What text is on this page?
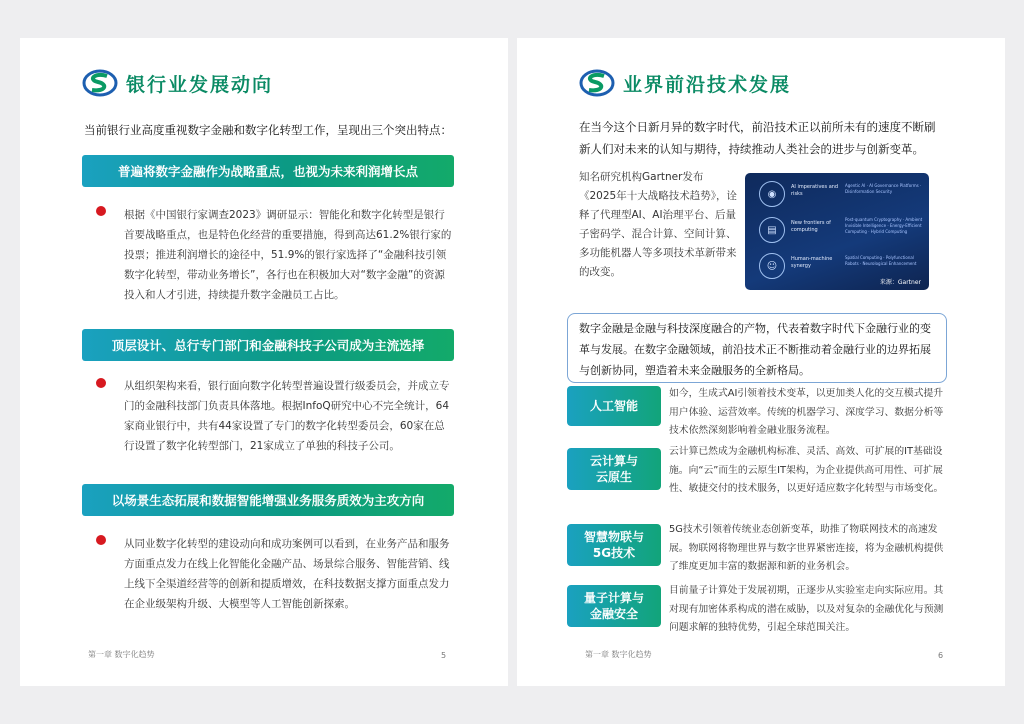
银行业发展动向
当前银行业高度重视数字金融和数字化转型工作，呈现出三个突出特点：
普遍将数字金融作为战略重点，也视为未来利润增长点
根据《中国银行家调查2023》调研显示：智能化和数字化转型是银行首要战略重点，也是特色化经营的重要措施，得到高达61.2%银行家的投票；推进利润增长的途径中，51.9%的银行家选择了“金融科技引领数字化转型，带动业务增长”，各行也在积极加大对“数字金融”的资源投入和人才引进，持续提升数字金融员工占比。
顶层设计、总行专门部门和金融科技子公司成为主流选择
从组织架构来看，银行面向数字化转型普遍设置行级委员会，并成立专门的金融科技部门负责具体落地。根据InfoQ研究中心不完全统计，64家商业银行中，共有44家设置了专门的数字化转型委员会，60家在总行设置了数字化转型部门，21家成立了单独的科技子公司。
以场景生态拓展和数据智能增强业务服务质效为主攻方向
从同业数字化转型的建设动向和成功案例可以看到，在业务产品和服务方面重点发力在线上化智能化金融产品、场景综合服务、智能营销、线上线下全渠道经营等的创新和提质增效，在科技数据支撑方面重点发力在企业级架构升级、大模型等人工智能创新探索。
第一章 数字化趋势	5
业界前沿技术发展
在当今这个日新月异的数字时代，前沿技术正以前所未有的速度不断刷新人们对未来的认知与期待，持续推动人类社会的进步与创新变革。
知名研究机构Gartner发布《2025年十大战略技术趋势》，诠释了代理型AI、AI治理平台、后量子密码学、混合计算、空间计算、多功能机器人等多项技术革新带来的改变。
◉
AI imperatives and risks
Agentic AI · AI Governance Platforms · Disinformation Security
▤
New frontiers of computing
Post-quantum Cryptography · Ambient Invisible Intelligence · Energy-Efficient Computing · Hybrid Computing
☺
Human-machine synergy
Spatial Computing · Polyfunctional Robots · Neurological Enhancement
来源：Gartner
数字金融是金融与科技深度融合的产物，代表着数字时代下金融行业的变革与发展。在数字金融领域，前沿技术正不断推动着金融行业的边界拓展与创新协同，塑造着未来金融服务的全新格局。
人工智能
如今，生成式AI引领着技术变革，以更加类人化的交互模式提升用户体验、运营效率。传统的机器学习、深度学习、数据分析等技术依然深刻影响着金融业服务流程。
云计算与
云原生
云计算已然成为金融机构标准、灵活、高效、可扩展的IT基础设施。向“云”而生的云原生IT架构，为企业提供高可用性、可扩展性、敏捷交付的技术服务，以更好适应数字化转型与市场变化。
智慧物联与
5G技术
5G技术引领着传统业态创新变革，助推了物联网技术的高速发展。物联网将物理世界与数字世界紧密连接，将为金融机构提供了维度更加丰富的数据源和新的业务机会。
量子计算与
金融安全
目前量子计算处于发展初期，正逐步从实验室走向实际应用。其对现有加密体系构成的潜在威胁，以及对复杂的金融优化与预测问题求解的独特优势，引起全球范围关注。
第一章 数字化趋势	6
